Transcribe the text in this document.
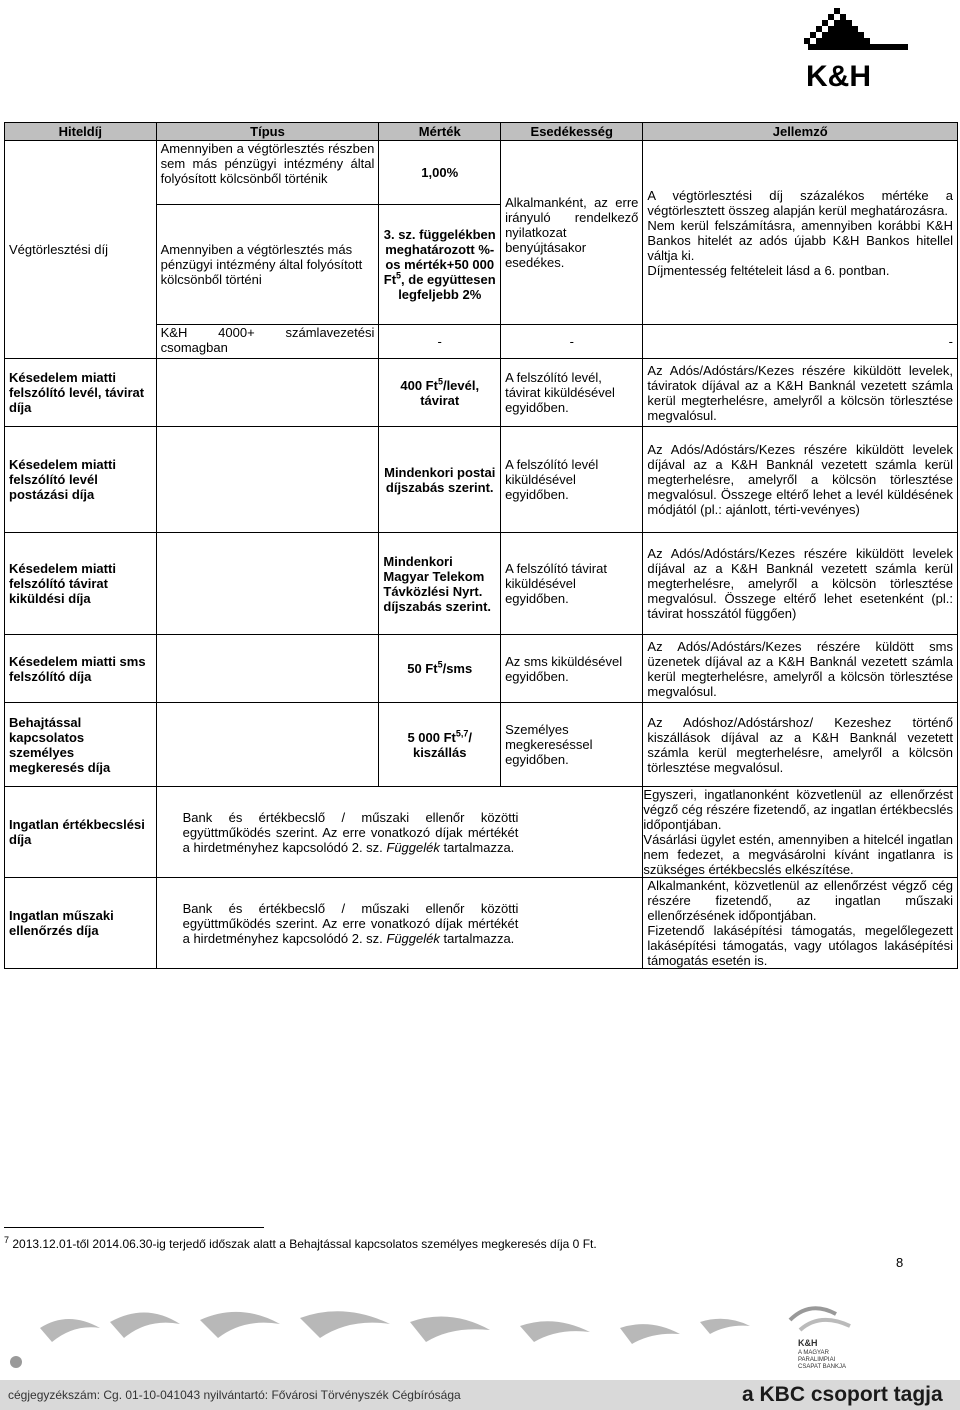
K&H
Hiteldíj	Típus	Mérték	Esedékesség	Jellemző
Végtörlesztési díj	Amennyiben a végtörlesztés részben sem más pénzügyi intézmény által folyósított kölcsönből történik	1,00%	Alkalmanként, az erre irányuló rendelkező nyilatkozat benyújtásakor esedékes.	A végtörlesztési díj százalékos mértéke a végtörlesztett összeg alapján kerül meghatározásra.
Nem kerül felszámításra, amennyiben korábbi K&H Bankos hitelét az adós újabb K&H Bankos hitellel váltja ki.
Díjmentesség feltételeit lásd a 6. pontban.

	Amennyiben a végtörlesztés más pénzügyi intézmény által folyósított kölcsönből történi	3. sz. függelékben meghatározott %-os mérték+50 000 Ft$^5$, de együttesen legfeljebb 2%		
	K&H 4000+ számlavezetési csomagban	-	-	-
Késedelem miatti felszólító levél, távirat díja		400 Ft$^5$/levél, távirat	A felszólító levél, távirat kiküldésével egyidőben.	Az Adós/Adóstárs/Kezes részére kiküldött levelek, táviratok díjával az a K&H Banknál vezetett számla kerül megterhelésre, amelyről a kölcsön törlesztése megvalósul.
Késedelem miatti felszólító levél postázási díja		Mindenkori postai díjszabás szerint.	A felszólító levél kiküldésével egyidőben.	Az Adós/Adóstárs/Kezes részére kiküldött levelek díjával az a K&H Banknál vezetett számla kerül megterhelésre, amelyről a kölcsön törlesztése megvalósul. Összege eltérő lehet a levél küldésének módjától (pl.: ajánlott, térti-vevényes)
Késedelem miatti felszólító távirat kiküldési díja		Mindenkori Magyar Telekom Távközlési Nyrt. díjszabás szerint.	A felszólító távirat kiküldésével egyidőben.	Az Adós/Adóstárs/Kezes részére kiküldött levelek díjával az a K&H Banknál vezetett számla kerül megterhelésre, amelyről a kölcsön törlesztése megvalósul. Összege eltérő lehet esetenként (pl.: távirat hosszától függően)
Késedelem miatti sms felszólító díja		50 Ft$^5$/sms	Az sms kiküldésével egyidőben.	Az Adós/Adóstárs/Kezes részére küldött sms üzenetek díjával az a K&H Banknál vezetett számla kerül megterhelésre, amelyről a kölcsön törlesztése megvalósul.
Behajtással kapcsolatos személyes megkeresés díja		5 000 Ft$^{5,7}$/ kiszállás	Személyes megkereséssel egyidőben.	Az Adóshoz/Adóstárshoz/ Kezeshez történő kiszállások díjával az a K&H Banknál vezetett számla kerül megterhelésre, amelyről a kölcsön törlesztése megvalósul.
Ingatlan értékbecslési díja	Bank és értékbecslő / műszaki ellenőr közötti együttműködés szerint. Az erre vonatkozó díjak mértékét a hirdetményhez kapcsolódó 2. sz. Függelék tartalmazza.			Egyszeri, ingatlanonként közvetlenül az ellenőrzést végző cég részére fizetendő, az ingatlan értékbecslés időpontjában.
Vásárlási ügylet estén, amennyiben a hitelcél ingatlan nem fedezet, a megvásárolni kívánt ingatlanra is szükséges értékbecslés elkészítése.

Ingatlan műszaki ellenőrzés díja	Bank és értékbecslő / műszaki ellenőr közötti együttműködés szerint. Az erre vonatkozó díjak mértékét a hirdetményhez kapcsolódó 2. sz. Függelék tartalmazza.			Alkalmanként, közvetlenül az ellenőrzést végző cég részére fizetendő, az ingatlan műszaki ellenőrzésének időpontjában.
Fizetendő lakásépítési támogatás, megelőlegezett lakásépítési támogatás, vagy utólagos lakásépítési támogatás esetén is.
$^7$ 2013.12.01-től 2014.06.30-ig terjedő időszak alatt a Behajtással kapcsolatos személyes megkeresés díja 0 Ft.
8
K&H
A MAGYAR
PARALIMPIAI
CSAPAT BANKJA
cégjegyzékszám: Cg. 01-10-041043 nyilvántartó: Fővárosi Törvényszék Cégbírósága	a KBC csoport tagja
